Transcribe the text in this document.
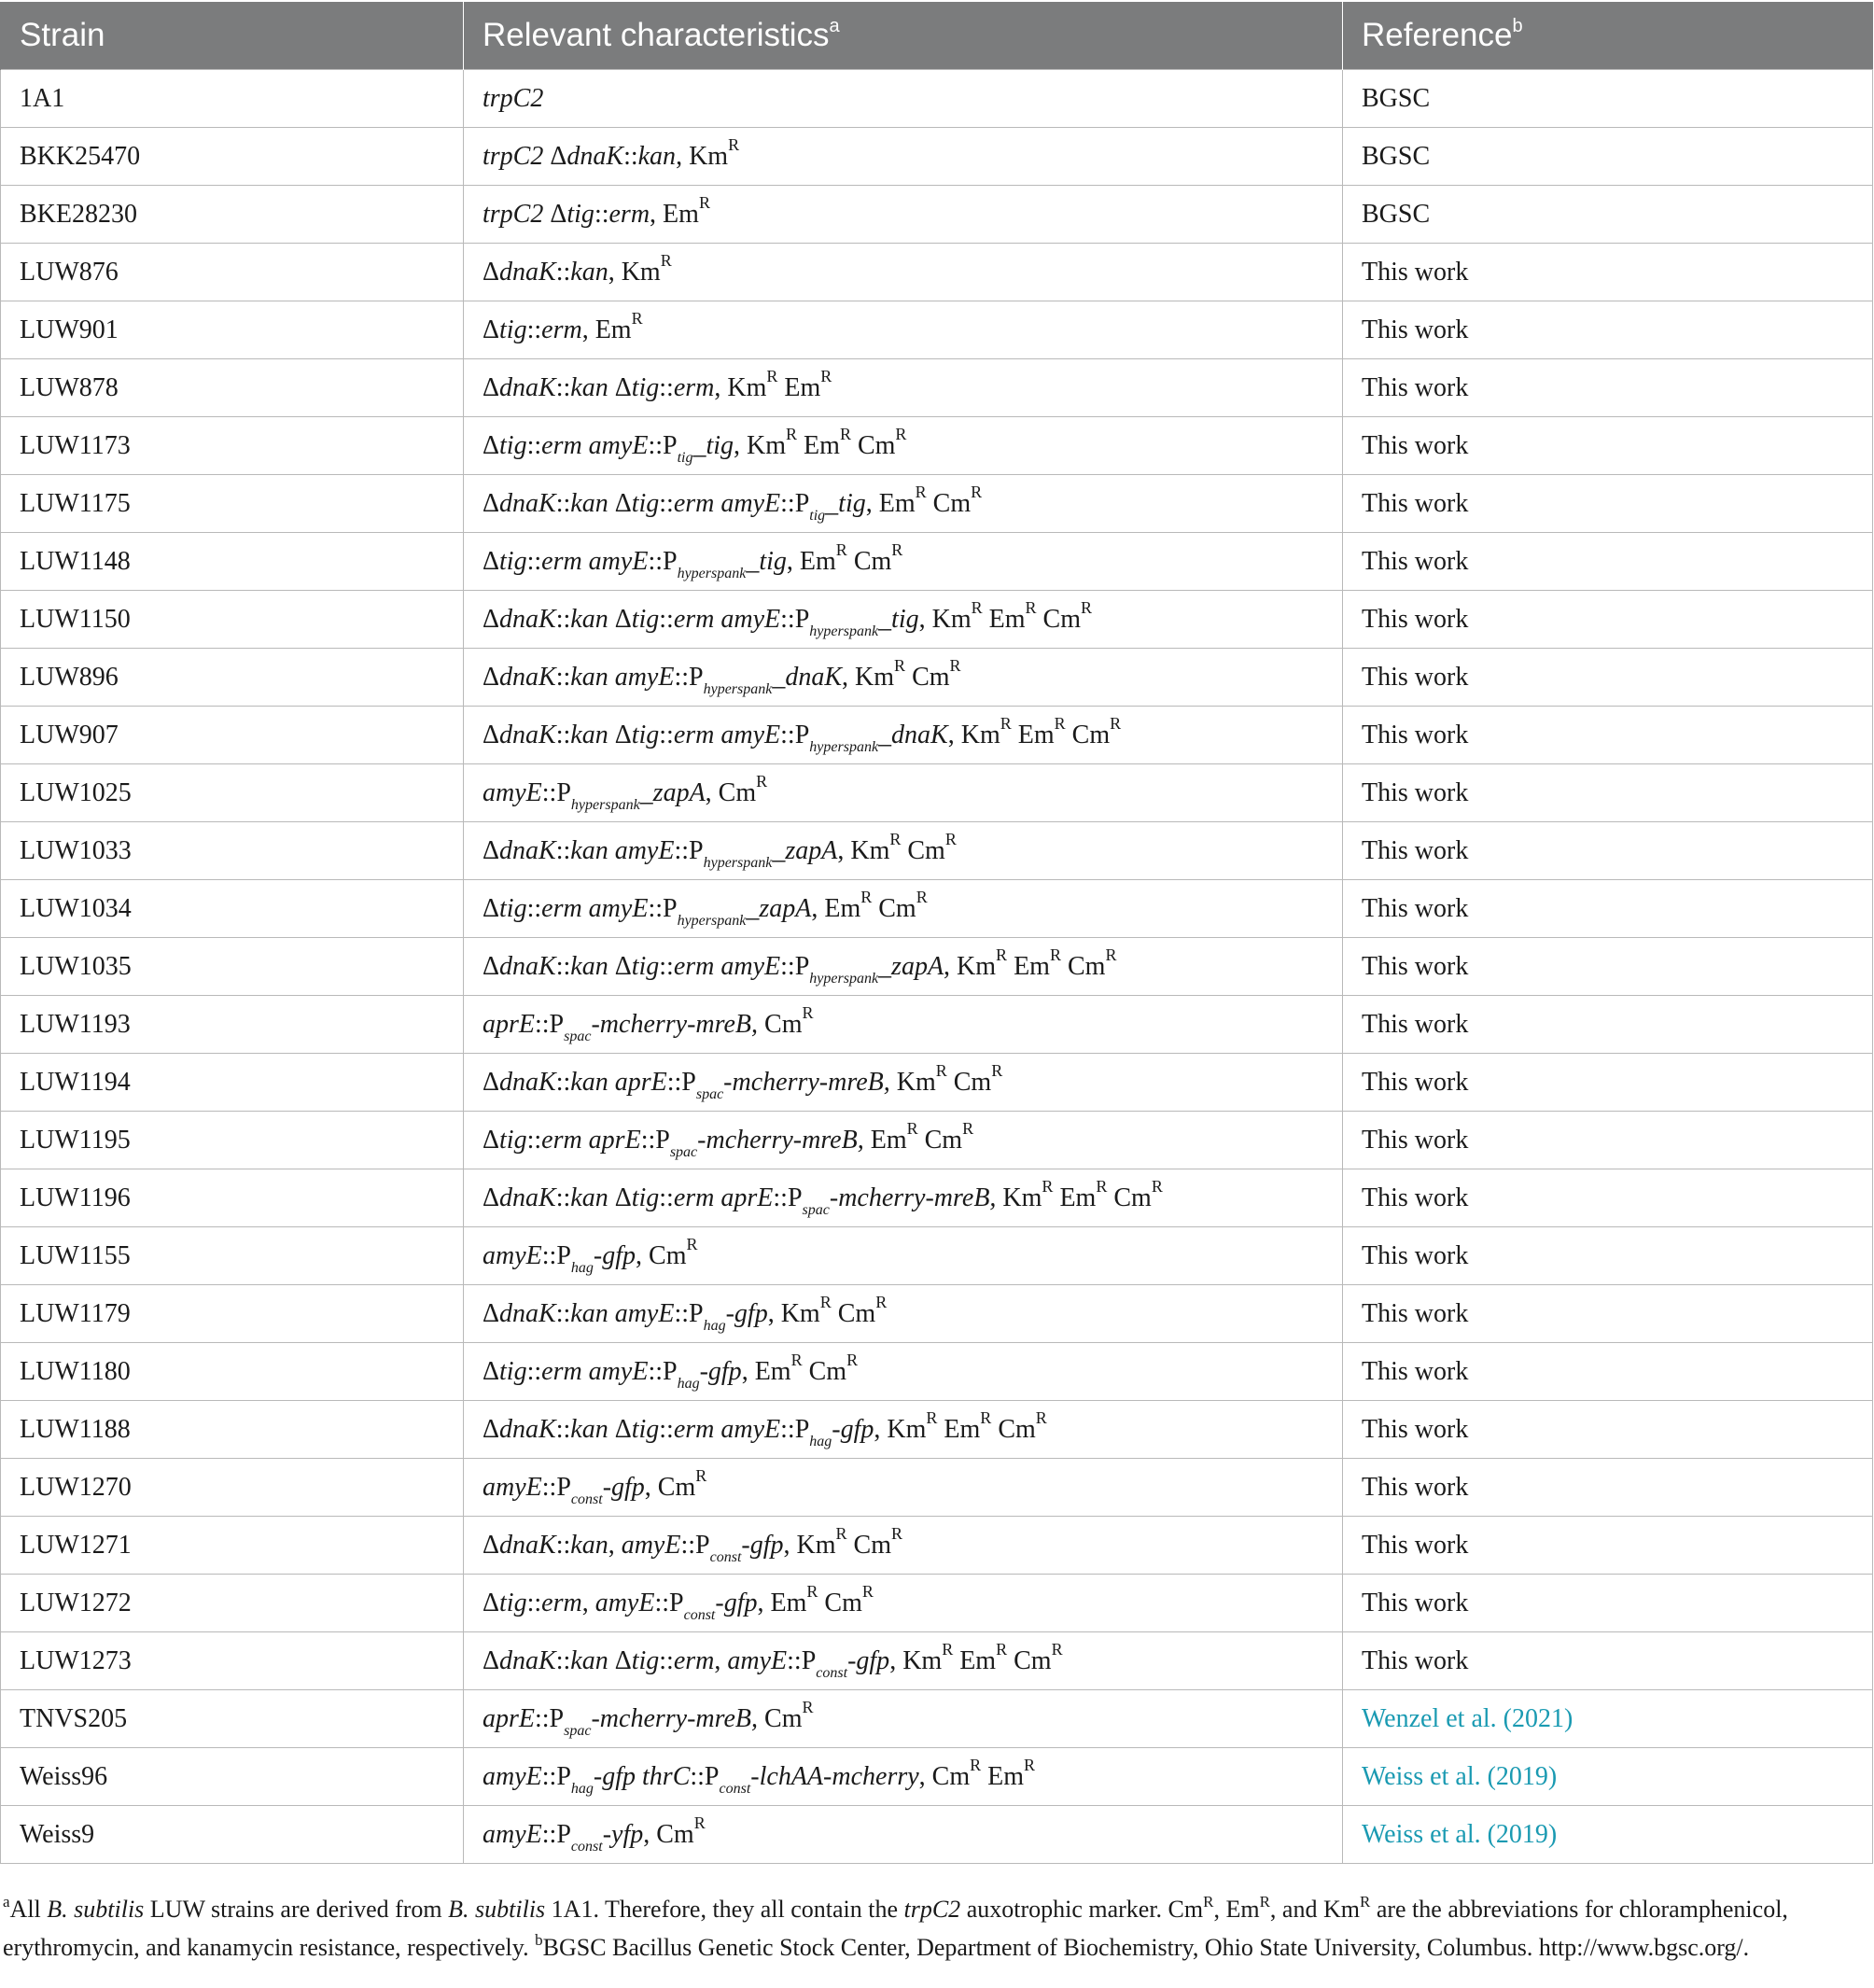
Strain	Relevant characteristics$^a$	Reference$^b$
1A1	trpC2	BGSC
BKK25470	trpC2 ΔdnaK::kan, $Km^R$	BGSC
BKE28230	trpC2 Δtig::erm, $Em^R$	BGSC
LUW876	ΔdnaK::kan, $Km^R$	This work
LUW901	Δtig::erm, $Em^R$	This work
LUW878	ΔdnaK::kan Δtig::erm, $Km^R$ $Em^R$	This work
LUW1173	Δtig::erm $amyE::P_{tig}\_tig$, $Km^R$ $Em^R$ $Cm^R$	This work
LUW1175	ΔdnaK::kan Δtig::erm $amyE::P_{tig}\_tig$, $Em^R$ $Cm^R$	This work
LUW1148	Δtig::erm $amyE::P_{hyperspank}\_tig$, $Em^R$ $Cm^R$	This work
LUW1150	ΔdnaK::kan Δtig::erm $amyE::P_{hyperspank}\_tig$, $Km^R$ $Em^R$ $Cm^R$	This work
LUW896	ΔdnaK::kan $amyE::P_{hyperspank}\_dnaK$, $Km^R$ $Cm^R$	This work
LUW907	ΔdnaK::kan Δtig::erm $amyE::P_{hyperspank}\_dnaK$, $Km^R$ $Em^R$ $Cm^R$	This work
LUW1025	$amyE::P_{hyperspank}\_zapA$, $Cm^R$	This work
LUW1033	ΔdnaK::kan $amyE::P_{hyperspank}\_zapA$, $Km^R$ $Cm^R$	This work
LUW1034	Δtig::erm $amyE::P_{hyperspank}\_zapA$, $Em^R$ $Cm^R$	This work
LUW1035	ΔdnaK::kan Δtig::erm $amyE::P_{hyperspank}\_zapA$, $Km^R$ $Em^R$ $Cm^R$	This work
LUW1193	$aprE::P_{spac}-mcherry$-mreB, $Cm^R$	This work
LUW1194	ΔdnaK::kan $aprE::P_{spac}-mcherry$-mreB, $Km^R$ $Cm^R$	This work
LUW1195	Δtig::erm $aprE::P_{spac}-mcherry$-mreB, $Em^R$ $Cm^R$	This work
LUW1196	ΔdnaK::kan Δtig::erm $aprE::P_{spac}-mcherry$-mreB, $Km^R$ $Em^R$ $Cm^R$	This work
LUW1155	$amyE::P_{hag}$-gfp, $Cm^R$	This work
LUW1179	ΔdnaK::kan $amyE::P_{hag}$-gfp, $Km^R$ $Cm^R$	This work
LUW1180	Δtig::erm $amyE::P_{hag}$-gfp, $Em^R$ $Cm^R$	This work
LUW1188	ΔdnaK::kan Δtig::erm $amyE::P_{hag}$-gfp, $Km^R$ $Em^R$ $Cm^R$	This work
LUW1270	$amyE::P_{const}$-gfp, $Cm^R$	This work
LUW1271	ΔdnaK::kan, $amyE::P_{const}$-gfp, $Km^R$ $Cm^R$	This work
LUW1272	Δtig::erm, $amyE::P_{const}$-gfp, $Em^R$ $Cm^R$	This work
LUW1273	ΔdnaK::kan Δtig::erm, $amyE::P_{const}$-gfp, $Km^R$ $Em^R$ $Cm^R$	This work
TNVS205	$aprE::P_{spac}-mcherry$-mreB, $Cm^R$	Wenzel et al. (2021)
Weiss96	$amyE::P_{hag}$-gfp $thrC::P_{const}-lchAA$-mcherry, $Cm^R$ $Em^R$	Weiss et al. (2019)
Weiss9	$amyE::P_{const}$-yfp, $Cm^R$	Weiss et al. (2019)
$^a$All B. subtilis LUW strains are derived from B. subtilis 1A1. Therefore, they all contain the trpC2 auxotrophic marker. $Cm^R$, $Em^R$, and $Km^R$ are the abbreviations for chloramphenicol, erythromycin, and kanamycin resistance, respectively. $^b$BGSC Bacillus Genetic Stock Center, Department of Biochemistry, Ohio State University, Columbus. http://www.bgsc.org/.
